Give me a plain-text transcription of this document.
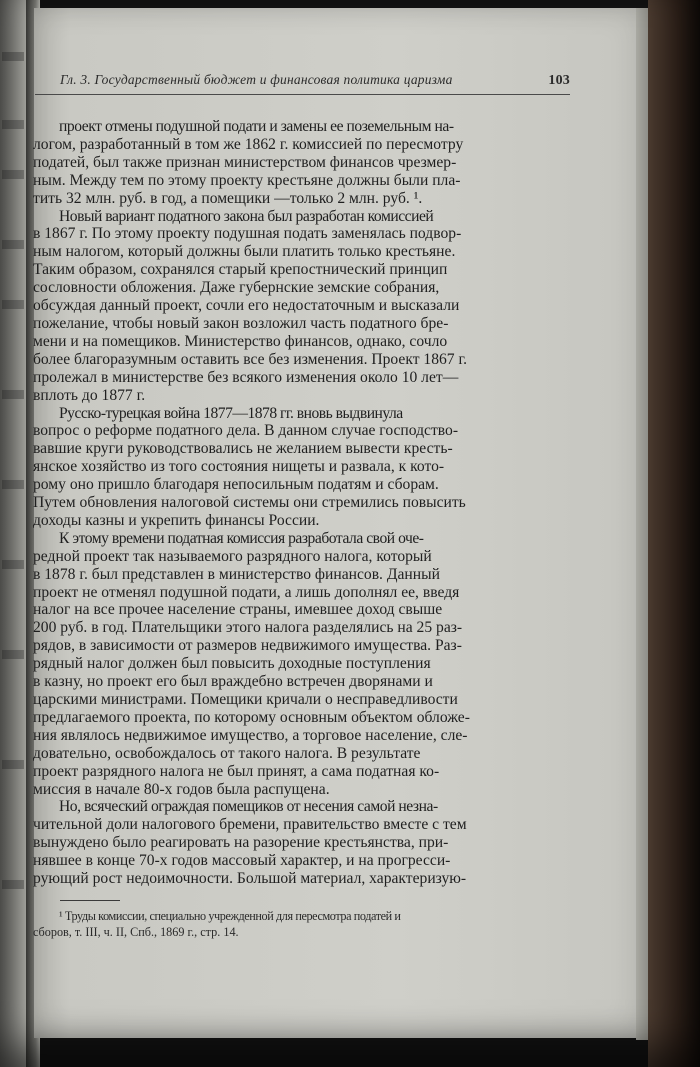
Гл. 3. Государственный бюджет и финансовая политика царизма	103

проект отмены подушной подати и замены ее поземельным на-
логом, разработанный в том же 1862 г. комиссией по пересмотру
податей, был также признан министерством финансов чрезмер-
ным. Между тем по этому проекту крестьяне должны были пла-
тить 32 млн. руб. в год, а помещики —только 2 млн. руб. ¹.

Новый вариант податного закона был разработан комиссией
в 1867 г. По этому проекту подушная подать заменялась подвор-
ным налогом, который должны были платить только крестьяне.
Таким образом, сохранялся старый крепостнический принцип
сословности обложения. Даже губернские земские собрания,
обсуждая данный проект, сочли его недостаточным и высказали
пожелание, чтобы новый закон возложил часть податного бре-
мени и на помещиков. Министерство финансов, однако, сочло
более благоразумным оставить все без изменения. Проект 1867 г.
пролежал в министерстве без всякого изменения около 10 лет—
вплоть до 1877 г.

Русско-турецкая война 1877—1878 гг. вновь выдвинула
вопрос о реформе податного дела. В данном случае господство-
вавшие круги руководствовались не желанием вывести кресть-
янское хозяйство из того состояния нищеты и развала, к кото-
рому оно пришло благодаря непосильным податям и сборам.
Путем обновления налоговой системы они стремились повысить
доходы казны и укрепить финансы России.

К этому времени податная комиссия разработала свой оче-
редной проект так называемого разрядного налога, который
в 1878 г. был представлен в министерство финансов. Данный
проект не отменял подушной подати, а лишь дополнял ее, введя
налог на все прочее население страны, имевшее доход свыше
200 руб. в год. Плательщики этого налога разделялись на 25 раз-
рядов, в зависимости от размеров недвижимого имущества. Раз-
рядный налог должен был повысить доходные поступления
в казну, но проект его был враждебно встречен дворянами и
царскими министрами. Помещики кричали о несправедливости
предлагаемого проекта, по которому основным объектом обложе-
ния являлось недвижимое имущество, а торговое население, сле-
довательно, освобождалось от такого налога. В результате
проект разрядного налога не был принят, а сама податная ко-
миссия в начале 80-х годов была распущена.

Но, всяческий ограждая помещиков от несения самой незна-
чительной доли налогового бремени, правительство вместе с тем
вынуждено было реагировать на разорение крестьянства, при-
нявшее в конце 70-х годов массовый характер, и на прогресси-
рующий рост недоимочности. Большой материал, характеризую-

¹ Труды комиссии, специально учрежденной для пересмотра податей и
сборов, т. III, ч. II, Спб., 1869 г., стр. 14.
